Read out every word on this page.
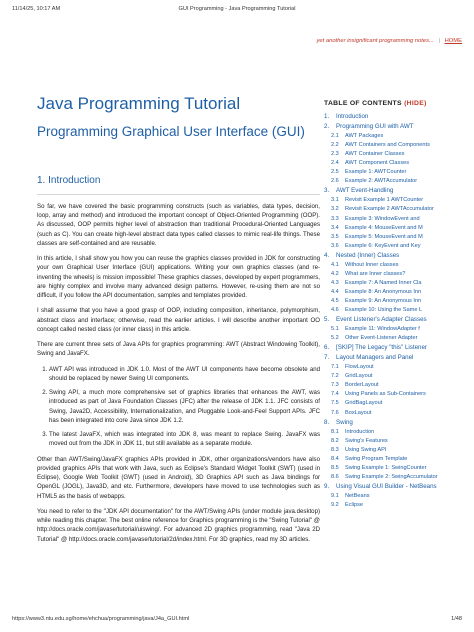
11/14/25, 10:17 AM	GUI Programming - Java Programming Tutorial
yet another insignificant programming notes... | HOME
Java Programming Tutorial
Programming Graphical User Interface (GUI)
1. Introduction

So far, we have covered the basic programming constructs (such as variables, data types, decision, loop, array and method) and introduced the important concept of Object-Oriented Programming (OOP). As discussed, OOP permits higher level of abstraction than traditional Procedural-Oriented Languages (such as C). You can create high-level abstract data types called classes to mimic real-life things. These classes are self-contained and are reusable.

In this article, I shall show you how you can reuse the graphics classes provided in JDK for constructing your own Graphical User Interface (GUI) applications. Writing your own graphics classes (and re-inventing the wheels) is mission impossible! These graphics classes, developed by expert programmers, are highly complex and involve many advanced design patterns. However, re-using them are not so difficult, if you follow the API documentation, samples and templates provided.

I shall assume that you have a good grasp of OOP, including composition, inheritance, polymorphism, abstract class and interface; otherwise, read the earlier articles. I will describe another important OO concept called nested class (or inner class) in this article.

There are current three sets of Java APIs for graphics programming: AWT (Abstract Windowing Toolkit), Swing and JavaFX.

1. AWT API was introduced in JDK 1.0. Most of the AWT UI components have become obsolete and should be replaced by newer Swing UI components.
2. Swing API, a much more comprehensive set of graphics libraries that enhances the AWT, was introduced as part of Java Foundation Classes (JFC) after the release of JDK 1.1. JFC consists of Swing, Java2D, Accessibility, Internationalization, and Pluggable Look-and-Feel Support APIs. JFC has been integrated into core Java since JDK 1.2.
3. The latest JavaFX, which was integrated into JDK 8, was meant to replace Swing. JavaFX was moved out from the JDK in JDK 11, but still available as a separate module.

Other than AWT/Swing/JavaFX graphics APIs provided in JDK, other organizations/vendors have also provided graphics APIs that work with Java, such as Eclipse's Standard Widget Toolkit (SWT) (used in Eclipse), Google Web Toolkit (GWT) (used in Android), 3D Graphics API such as Java bindings for OpenGL (JOGL), Java3D, and etc. Furthermore, developers have moved to use technologies such as HTML5 as the basis of webapps.

You need to refer to the "JDK API documentation" for the AWT/Swing APIs (under module java.desktop) while reading this chapter. The best online reference for Graphics programming is the "Swing Tutorial" @ http://docs.oracle.com/javase/tutorial/uiswing/. For advanced 2D graphics programming, read "Java 2D Tutorial" @ http://docs.oracle.com/javase/tutorial/2d/index.html. For 3D graphics, read my 3D articles.

TABLE OF CONTENTS (HIDE)
1. Introduction
2. Programming GUI with AWT
2.1 AWT Packages
2.2 AWT Containers and Components
2.3 AWT Container Classes
2.4 AWT Component Classes
2.5 Example 1: AWTCounter
2.6 Example 2: AWTAccumulator
3. AWT Event-Handling
3.1 Revisit Example 1 AWTCounter
3.2 Revisit Example 2 AWTAccumulator
3.3 Example 3: WindowEvent and
3.4 Example 4: MouseEvent and M
3.5 Example 5: MouseEvent and M
3.6 Example 6: KeyEvent and Key
4. Nested (Inner) Classes
4.1 Without Inner classes
4.2 What are Inner classes?
4.3 Example 7: A Named Inner Cla
4.4 Example 8: An Anonymous Inn
4.5 Example 9: An Anonymous Inn
4.6 Example 10: Using the Same L
5. Event Listener's Adapter Classes
5.1 Example 11: WindowAdapter f
5.2 Other Event-Listener Adapter
6. [SKIP] The Legacy "this" Listener
7. Layout Managers and Panel
7.1 FlowLayout
7.2 GridLayout
7.3 BorderLayout
7.4 Using Panels as Sub-Containers
7.5 GridBagLayout
7.6 BoxLayout
8. Swing
8.1 Introduction
8.2 Swing's Features
8.3 Using Swing API
8.4 Swing Program Template
8.5 Swing Example 1: SwingCounter
8.6 Swing Example 2: SwingAccumulator
9. Using Visual GUI Builder - NetBeans
9.1 NetBeans
9.2 Eclipse
https://www3.ntu.edu.sg/home/ehchua/programming/java/J4a_GUI.html	1/48
